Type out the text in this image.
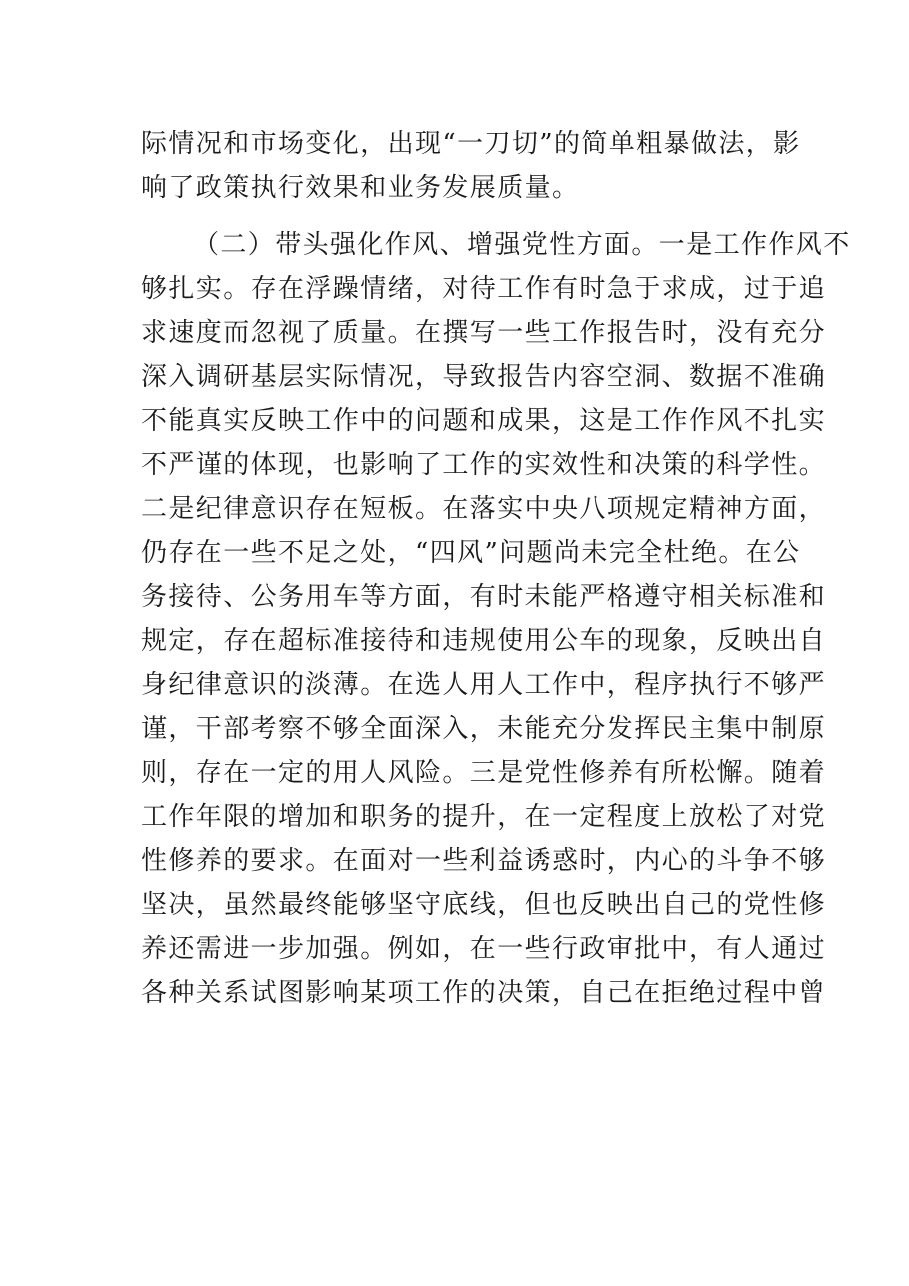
际情况和市场变化，出现“一刀切”的简单粗暴做法，影
响了政策执行效果和业务发展质量。
（二）带头强化作风、增强党性方面。一是工作作风不
够扎实。存在浮躁情绪，对待工作有时急于求成，过于追
求速度而忽视了质量。在撰写一些工作报告时，没有充分
深入调研基层实际情况，导致报告内容空洞、数据不准确
不能真实反映工作中的问题和成果，这是工作作风不扎实
不严谨的体现，也影响了工作的实效性和决策的科学性。
二是纪律意识存在短板。在落实中央八项规定精神方面，
仍存在一些不足之处，“四风”问题尚未完全杜绝。在公
务接待、公务用车等方面，有时未能严格遵守相关标准和
规定，存在超标准接待和违规使用公车的现象，反映出自
身纪律意识的淡薄。在选人用人工作中，程序执行不够严
谨，干部考察不够全面深入，未能充分发挥民主集中制原
则，存在一定的用人风险。三是党性修养有所松懈。随着
工作年限的增加和职务的提升，在一定程度上放松了对党
性修养的要求。在面对一些利益诱惑时，内心的斗争不够
坚决，虽然最终能够坚守底线，但也反映出自己的党性修
养还需进一步加强。例如，在一些行政审批中，有人通过
各种关系试图影响某项工作的决策，自己在拒绝过程中曾
